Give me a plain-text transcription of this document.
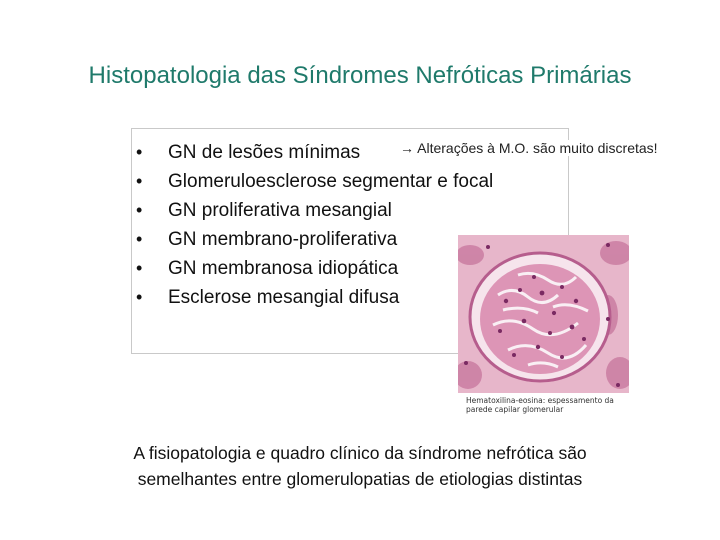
Histopatologia das Síndromes Nefróticas Primárias
• GN de lesões mínimas
• Glomeruloesclerose segmentar e focal
• GN proliferativa mesangial
• GN membrano-proliferativa
• GN membranosa idiopática
• Esclerose mesangial difusa
→ Alterações à M.O. são muito discretas!
Hematoxilina-eosina: espessamento da parede capilar glomerular
A fisiopatologia e quadro clínico da síndrome nefrótica são
semelhantes entre glomerulopatias de etiologias distintas
